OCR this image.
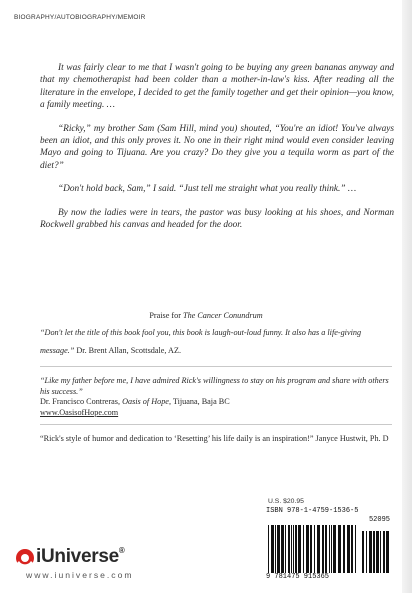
BIOGRAPHY/AUTOBIOGRAPHY/MEMOIR

It was fairly clear to me that I wasn't going to be buying any green bananas anyway and that my chemotherapist had been colder than a mother-in-law's kiss. After reading all the literature in the envelope, I decided to get the family together and get their opinion—you know, a family meeting. …

“Ricky,” my brother Sam (Sam Hill, mind you) shouted, “You're an idiot! You've always been an idiot, and this only proves it. No one in their right mind would even consider leaving Mayo and going to Tijuana. Are you crazy? Do they give you a tequila worm as part of the diet?”

“Don't hold back, Sam,” I said. “Just tell me straight what you really think.” …

By now the ladies were in tears, the pastor was busy looking at his shoes, and Norman Rockwell grabbed his canvas and headed for the door.

Praise for The Cancer Conundrum
“Don't let the title of this book fool you, this book is laugh-out-loud funny. It also has a life-giving message.” Dr. Brent Allan, Scottsdale, AZ.
“Like my father before me, I have admired Rick's willingness to stay on his program and share with others his success.”
Dr. Francisco Contreras, Oasis of Hope, Tijuana, Baja BC
www.OasisofHope.com
“Rick's style of humor and dedication to ‘Resetting’ his life daily is an inspiration!” Janyce Hustwit, Ph. D
U.S. $20.95
ISBN 978-1-4759-1536-5
52095
9 781475 915365
iUniverse®
www.iuniverse.com
